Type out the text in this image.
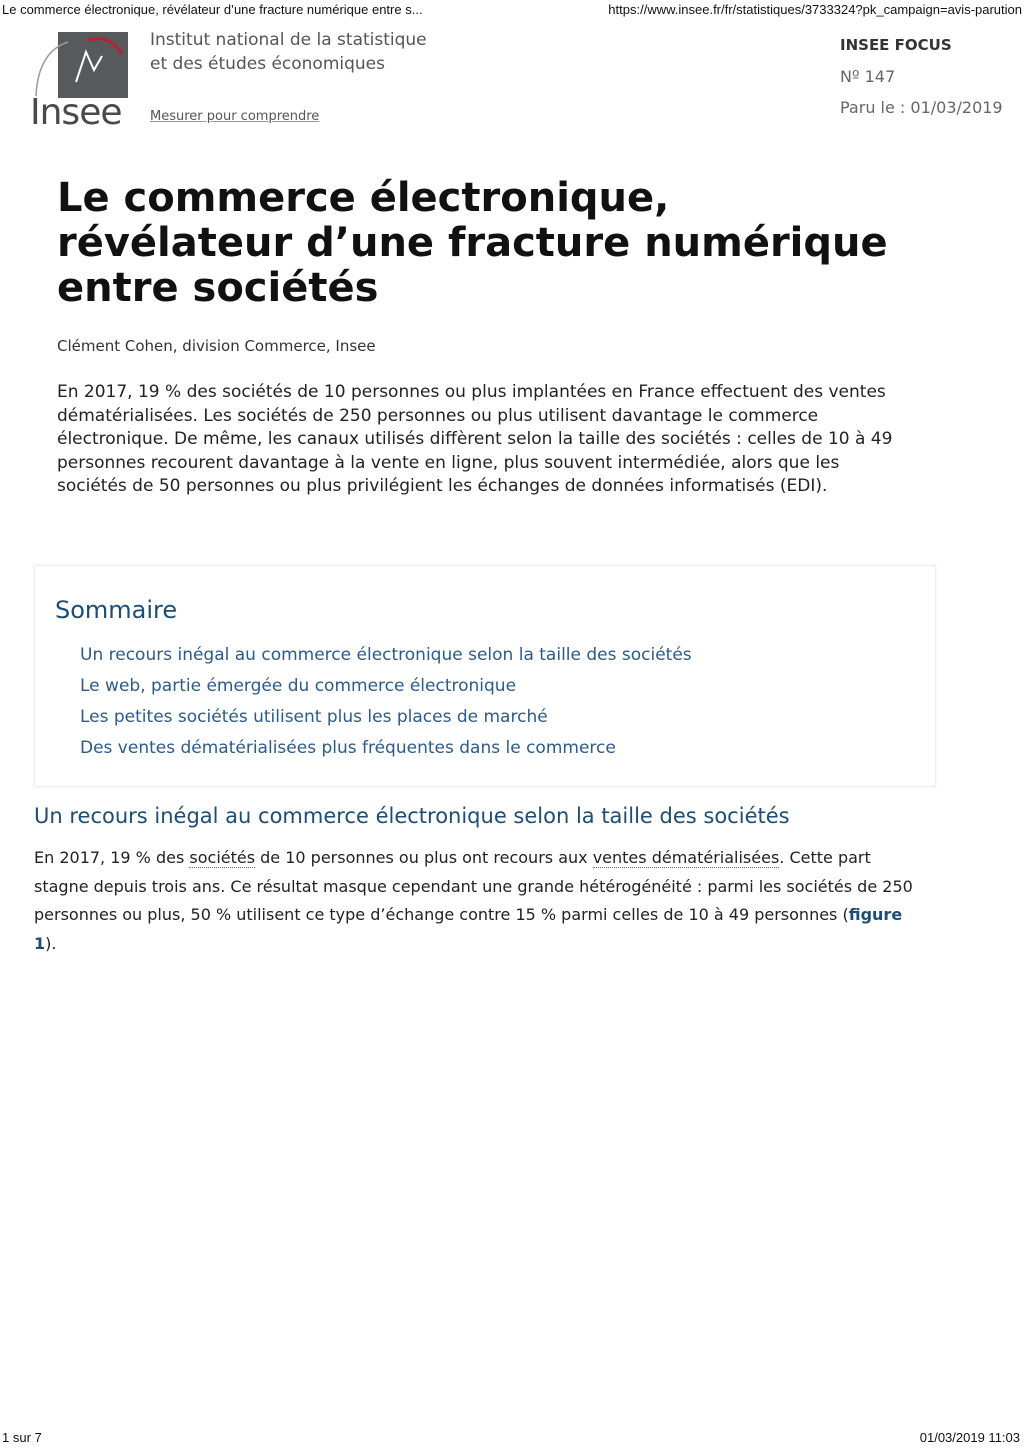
Le commerce électronique, révélateur d’une fracture numérique entre s...	https://www.insee.fr/fr/statistiques/3733324?pk_campaign=avis-parution
Insee
Institut national de la statistique
et des études économiques
Mesurer pour comprendre
INSEE FOCUS
Nº 147
Paru le : 01/03/2019
Le commerce électronique,
révélateur d’une fracture numérique
entre sociétés
Clément Cohen, division Commerce, Insee

En 2017, 19 % des sociétés de 10 personnes ou plus implantées en France effectuent des ventes dématérialisées. Les sociétés de 250 personnes ou plus utilisent davantage le commerce électronique. De même, les canaux utilisés diffèrent selon la taille des sociétés : celles de 10 à 49 personnes recourent davantage à la vente en ligne, plus souvent intermédiée, alors que les sociétés de 50 personnes ou plus privilégient les échanges de données informatisés (EDI).

Sommaire
Un recours inégal au commerce électronique selon la taille des sociétés
Le web, partie émergée du commerce électronique
Les petites sociétés utilisent plus les places de marché
Des ventes dématérialisées plus fréquentes dans le commerce
Un recours inégal au commerce électronique selon la taille des sociétés

En 2017, 19 % des sociétés de 10 personnes ou plus ont recours aux ventes dématérialisées. Cette part stagne depuis trois ans. Ce résultat masque cependant une grande hétérogénéité : parmi les sociétés de 250 personnes ou plus, 50 % utilisent ce type d’échange contre 15 % parmi celles de 10 à 49 personnes (figure 1).

1 sur 7	01/03/2019 11:03
